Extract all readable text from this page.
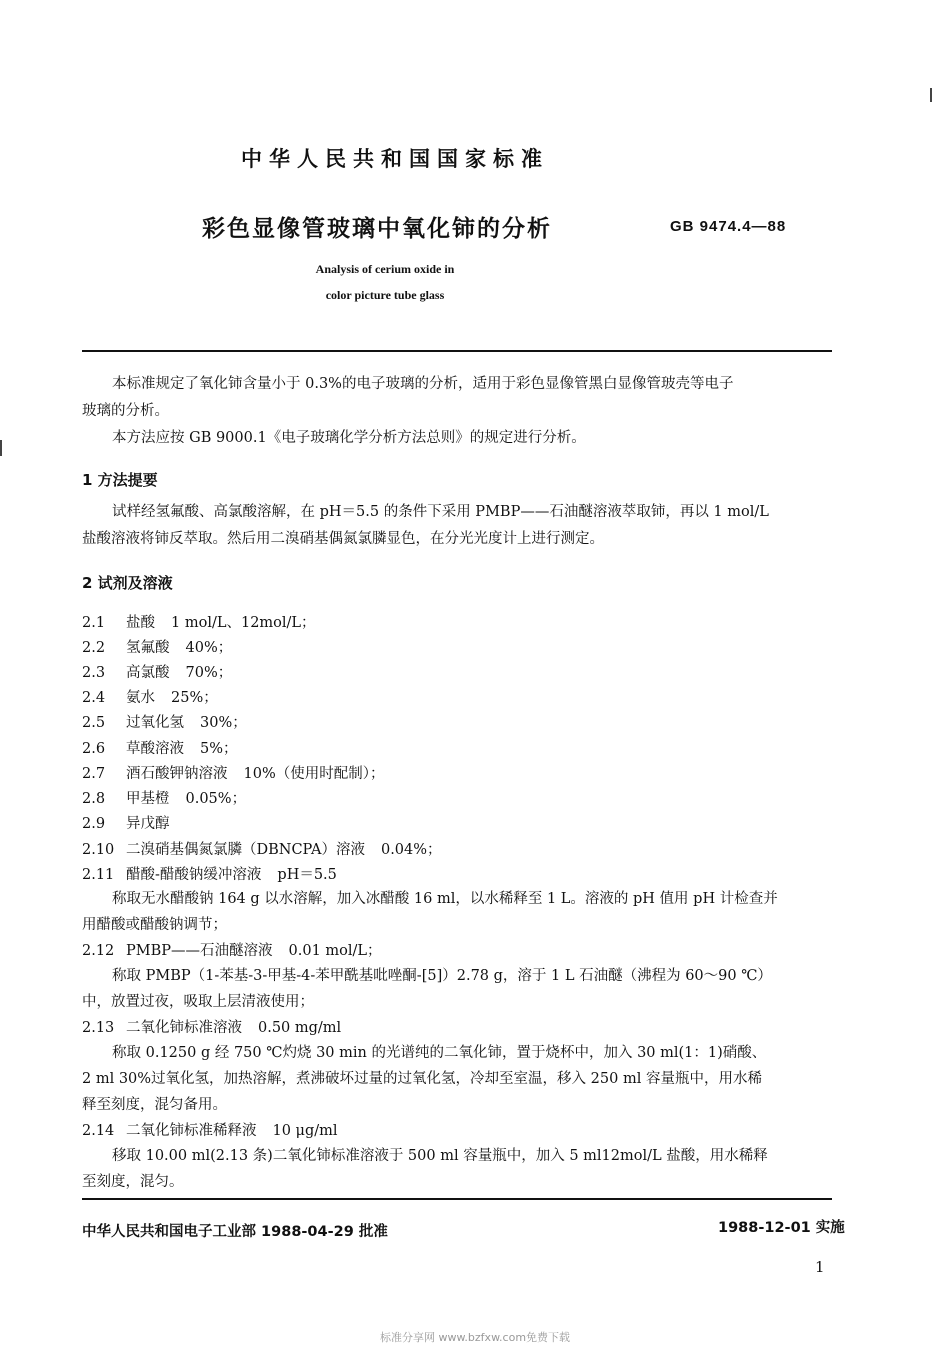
中华人民共和国国家标准
彩色显像管玻璃中氧化铈的分析	GB 9474.4—88
Analysis of cerium oxide in
color picture tube glass
本标准规定了氧化铈含量小于 0.3%的电子玻璃的分析，适用于彩色显像管黑白显像管玻壳等电子
玻璃的分析。
本方法应按 GB 9000.1《电子玻璃化学分析方法总则》的规定进行分析。
1 方法提要
试样经氢氟酸、高氯酸溶解，在 pH＝5.5 的条件下采用 PMBP——石油醚溶液萃取铈，再以 1 mol/L
盐酸溶液将铈反萃取。然后用二溴硝基偶氮氯膦显色，在分光光度计上进行测定。
2 试剂及溶液
2.1 盐酸 1 mol/L、12mol/L；
2.2 氢氟酸 40%；
2.3 高氯酸 70%；
2.4 氨水 25%；
2.5 过氧化氢 30%；
2.6 草酸溶液 5%；
2.7 酒石酸钾钠溶液 10%（使用时配制）；
2.8 甲基橙 0.05%；
2.9 异戊醇
2.10 二溴硝基偶氮氯膦（DBNCPA）溶液 0.04%；
2.11 醋酸-醋酸钠缓冲溶液 pH＝5.5
称取无水醋酸钠 164 g 以水溶解，加入冰醋酸 16 ml，以水稀释至 1 L。溶液的 pH 值用 pH 计检查并
用醋酸或醋酸钠调节；
2.12 PMBP——石油醚溶液 0.01 mol/L；
称取 PMBP（1-苯基-3-甲基-4-苯甲酰基吡唑酮-[5]）2.78 g，溶于 1 L 石油醚（沸程为 60～90 ℃）
中，放置过夜，吸取上层清液使用；
2.13 二氧化铈标准溶液 0.50 mg/ml
称取 0.1250 g 经 750 ℃灼烧 30 min 的光谱纯的二氧化铈，置于烧杯中，加入 30 ml(1：1)硝酸、
2 ml 30%过氧化氢，加热溶解，煮沸破坏过量的过氧化氢，冷却至室温，移入 250 ml 容量瓶中，用水稀
释至刻度，混匀备用。
2.14 二氧化铈标准稀释液 10 μg/ml
移取 10.00 ml(2.13 条)二氧化铈标准溶液于 500 ml 容量瓶中，加入 5 ml12mol/L 盐酸，用水稀释
至刻度，混匀。
中华人民共和国电子工业部 1988-04-29 批准	1988-12-01 实施
1
标准分享网 www.bzfxw.com免费下载
